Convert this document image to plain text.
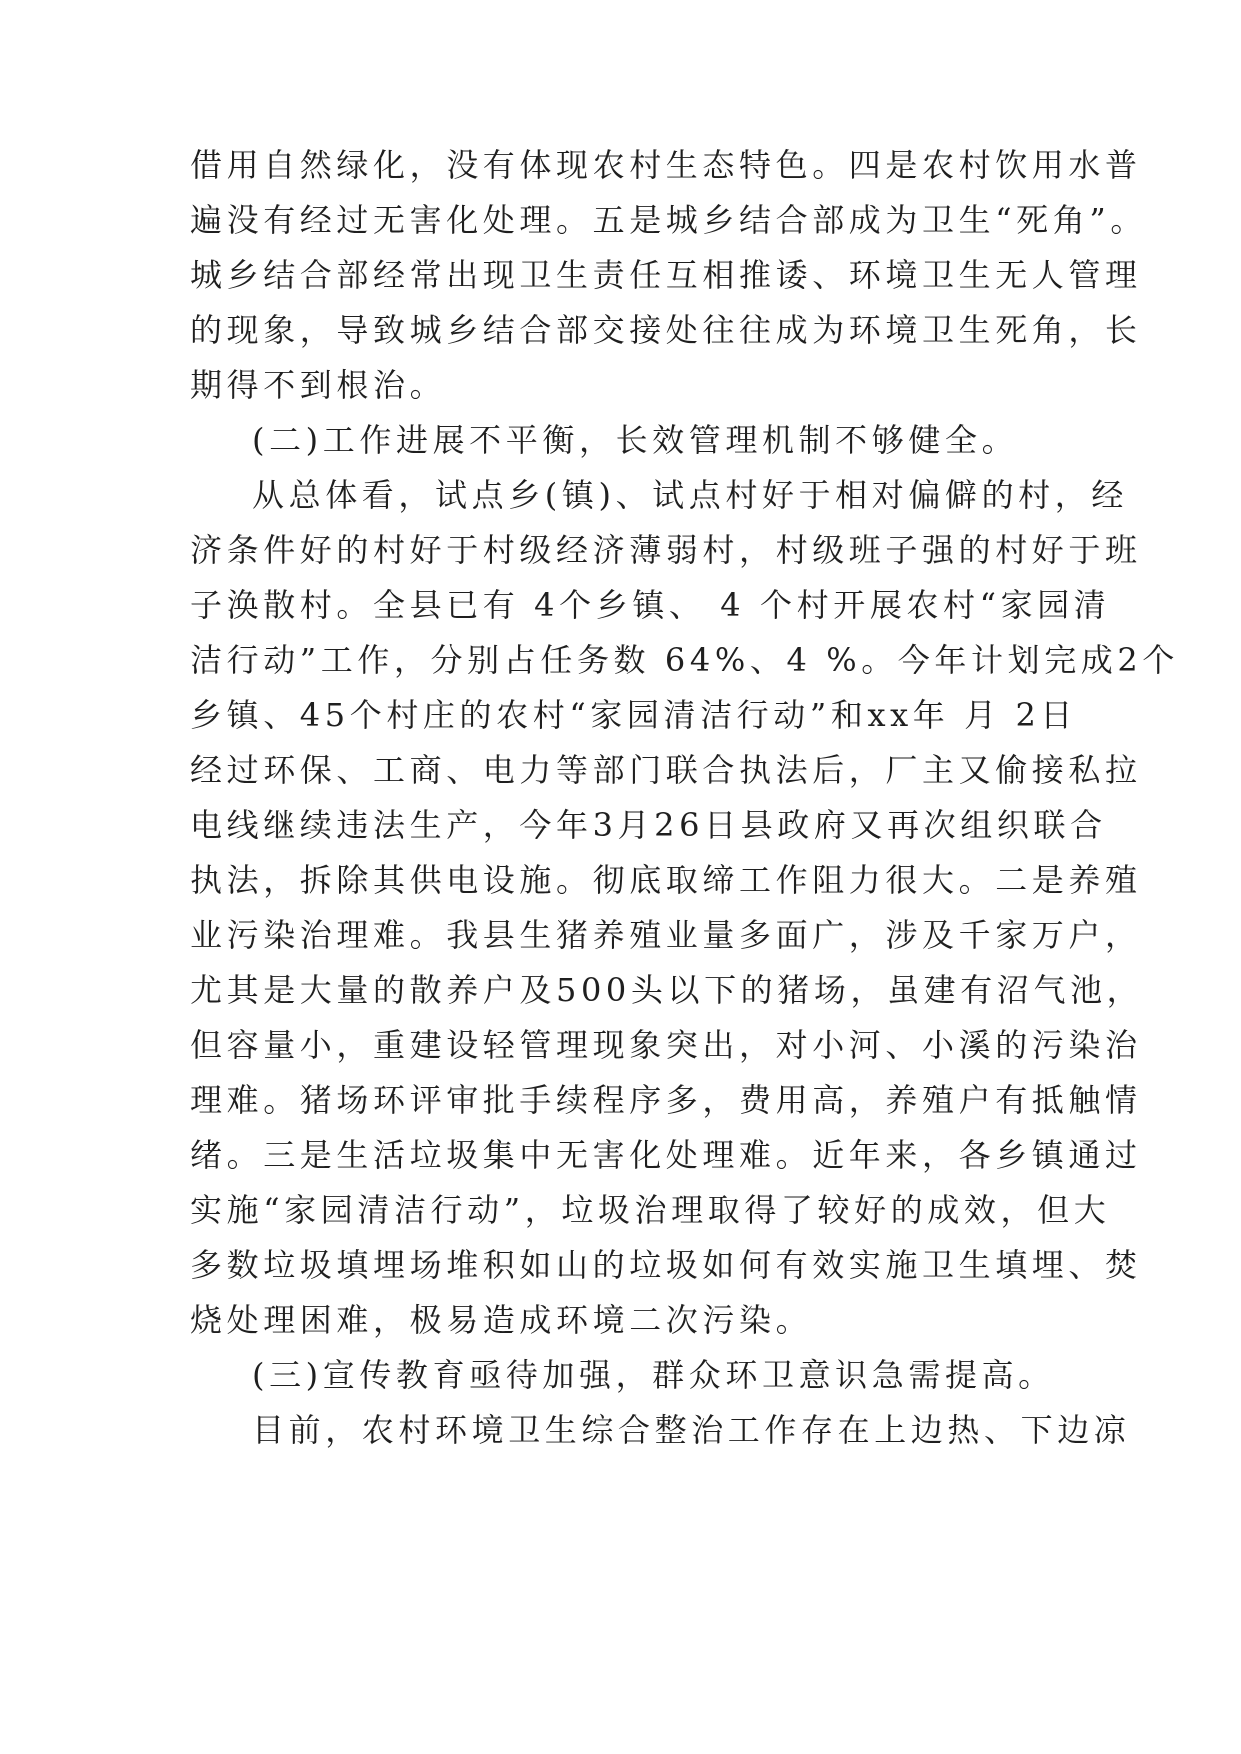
借用自然绿化，没有体现农村生态特色。四是农村饮用水普
遍没有经过无害化处理。五是城乡结合部成为卫生“死角”。
城乡结合部经常出现卫生责任互相推诿、环境卫生无人管理
的现象，导致城乡结合部交接处往往成为环境卫生死角，长
期得不到根治。
(二)工作进展不平衡，长效管理机制不够健全。
从总体看，试点乡(镇)、试点村好于相对偏僻的村，经
济条件好的村好于村级经济薄弱村，村级班子强的村好于班
子涣散村。全县已有 4个乡镇、 4 个村开展农村“家园清
洁行动”工作，分别占任务数 64%、4 %。今年计划完成2个
乡镇、45个村庄的农村“家园清洁行动”和xx年 月 2日
经过环保、工商、电力等部门联合执法后，厂主又偷接私拉
电线继续违法生产，今年3月26日县政府又再次组织联合
执法，拆除其供电设施。彻底取缔工作阻力很大。二是养殖
业污染治理难。我县生猪养殖业量多面广，涉及千家万户，
尤其是大量的散养户及500头以下的猪场，虽建有沼气池，
但容量小，重建设轻管理现象突出，对小河、小溪的污染治
理难。猪场环评审批手续程序多，费用高，养殖户有抵触情
绪。三是生活垃圾集中无害化处理难。近年来，各乡镇通过
实施“家园清洁行动”，垃圾治理取得了较好的成效，但大
多数垃圾填埋场堆积如山的垃圾如何有效实施卫生填埋、焚
烧处理困难，极易造成环境二次污染。
(三)宣传教育亟待加强，群众环卫意识急需提高。
目前，农村环境卫生综合整治工作存在上边热、下边凉
